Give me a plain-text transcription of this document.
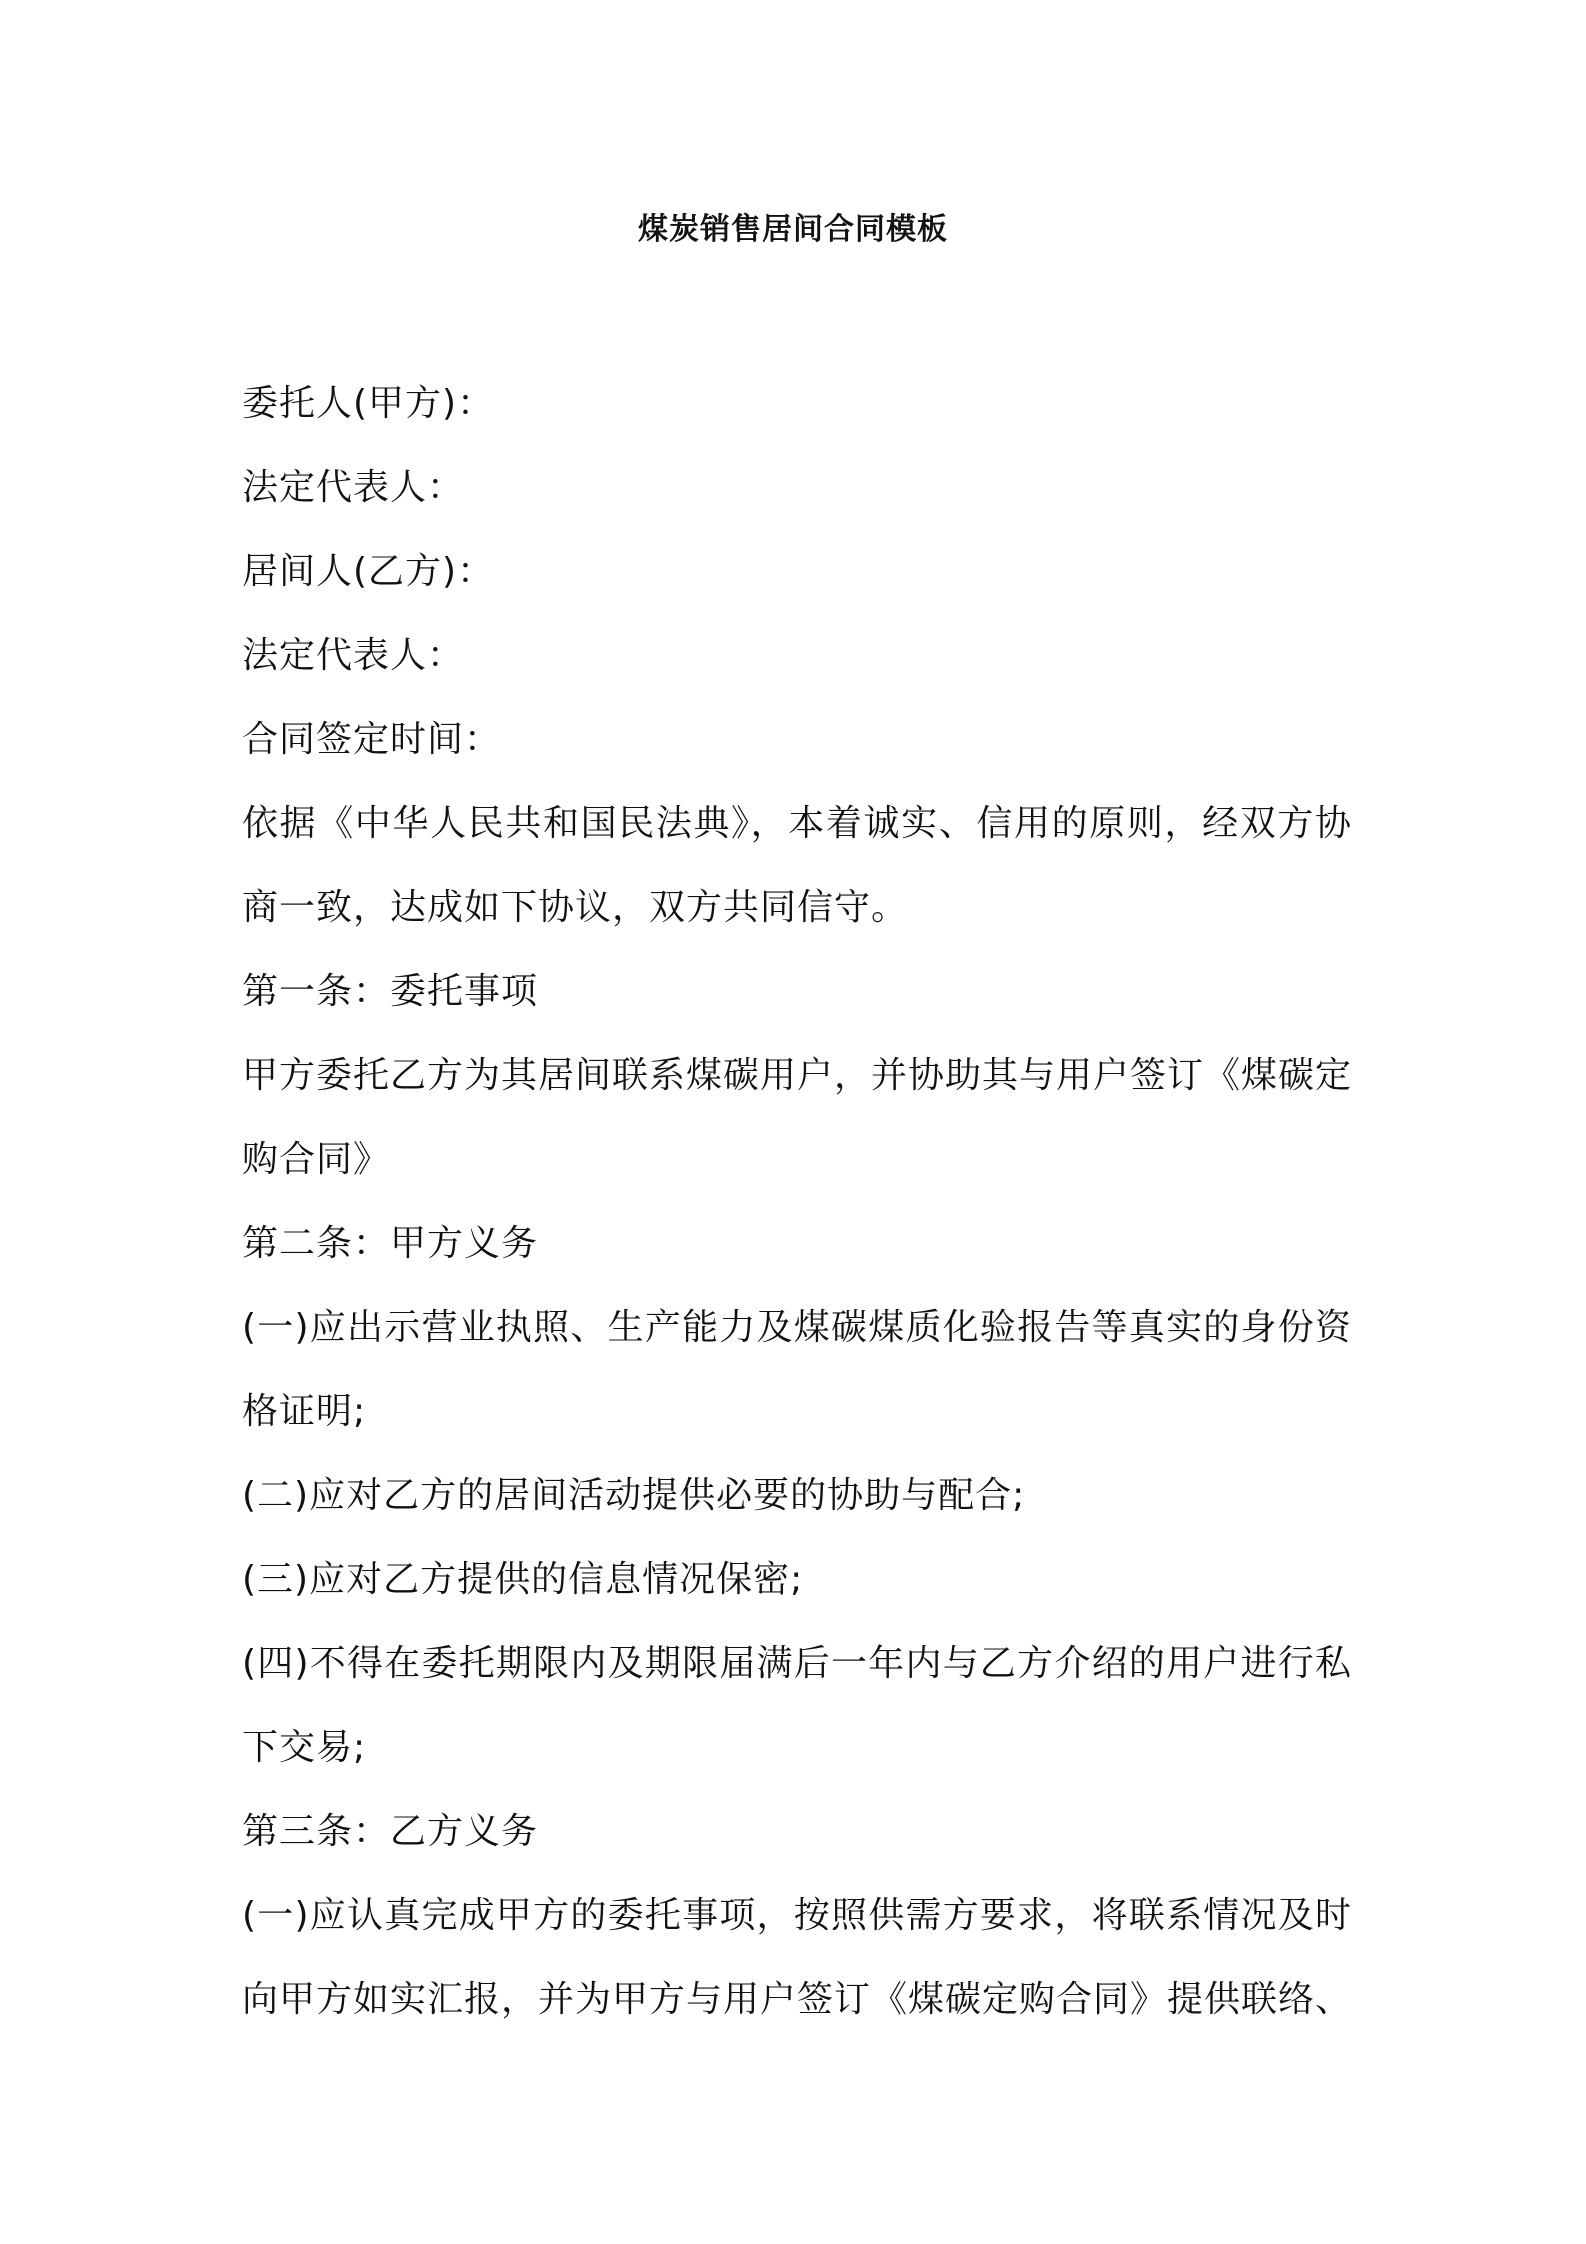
煤炭销售居间合同模板

委托人(甲方)：

法定代表人：

居间人(乙方)：

法定代表人：

合同签定时间：

依据《中华人民共和国民法典》，本着诚实、信用的原则，经双方协商一致，达成如下协议，双方共同信守。

第一条：委托事项

甲方委托乙方为其居间联系煤碳用户，并协助其与用户签订《煤碳定购合同》

第二条：甲方义务

(一)应出示营业执照、生产能力及煤碳煤质化验报告等真实的身份资格证明;

(二)应对乙方的居间活动提供必要的协助与配合;

(三)应对乙方提供的信息情况保密;

(四)不得在委托期限内及期限届满后一年内与乙方介绍的用户进行私下交易;

第三条：乙方义务

(一)应认真完成甲方的委托事项，按照供需方要求，将联系情况及时向甲方如实汇报，并为甲方与用户签订《煤碳定购合同》提供联络、
